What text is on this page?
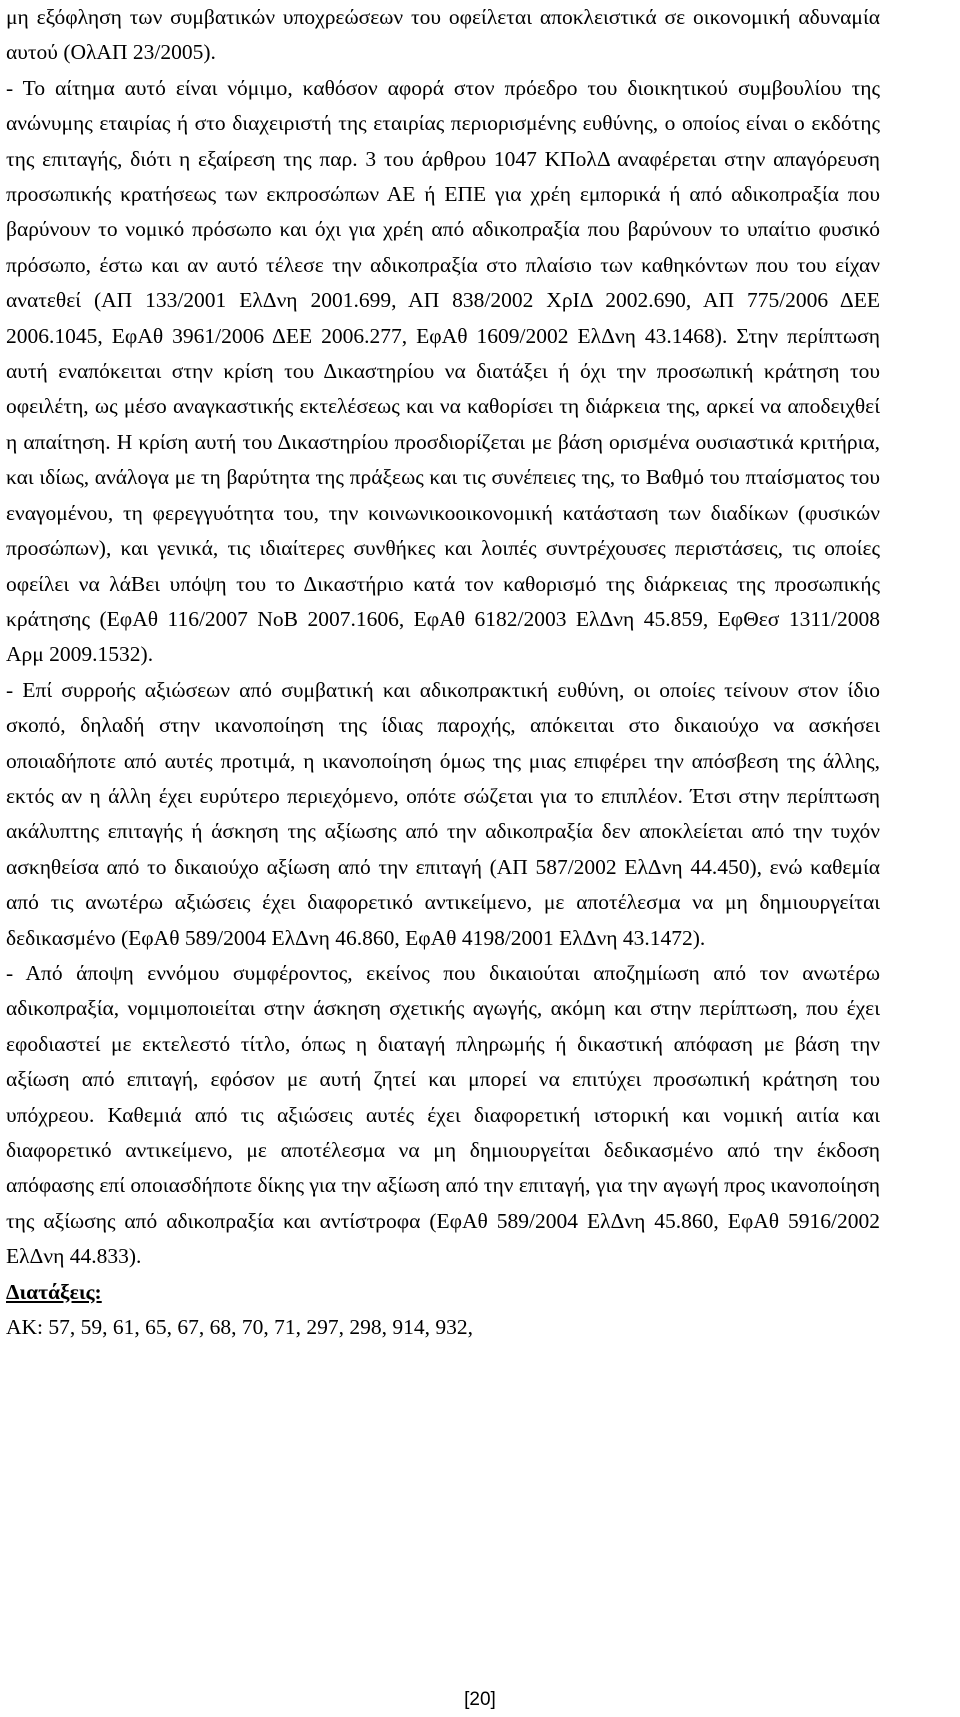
μη εξόφληση των συμβατικών υποχρεώσεων του οφείλεται αποκλειστικά σε οικονομική αδυναμία αυτού (ΟλΑΠ 23/2005).

- Το αίτημα αυτό είναι νόμιμο, καθόσον αφορά στον πρόεδρο του διοικητικού συμβουλίου της ανώνυμης εταιρίας ή στο διαχειριστή της εταιρίας περιορισμένης ευθύνης, ο οποίος είναι ο εκδότης της επιταγής, διότι η εξαίρεση της παρ. 3 του άρθρου 1047 ΚΠολΔ αναφέρεται στην απαγόρευση προσωπικής κρατήσεως των εκπροσώπων ΑΕ ή ΕΠΕ για χρέη εμπορικά ή από αδικοπραξία που βαρύνουν το νομικό πρόσωπο και όχι για χρέη από αδικοπραξία που βαρύνουν το υπαίτιο φυσικό πρόσωπο, έστω και αν αυτό τέλεσε την αδικοπραξία στο πλαίσιο των καθηκόντων που του είχαν ανατεθεί (ΑΠ 133/2001 ΕλΔνη 2001.699, ΑΠ 838/2002 ΧρΙΔ 2002.690, ΑΠ 775/2006 ΔΕΕ 2006.1045, ΕφΑθ 3961/2006 ΔΕΕ 2006.277, ΕφΑθ 1609/2002 ΕλΔνη 43.1468). Στην περίπτωση αυτή εναπόκειται στην κρίση του Δικαστηρίου να διατάξει ή όχι την προσωπική κράτηση του οφειλέτη, ως μέσο αναγκαστικής εκτελέσεως και να καθορίσει τη διάρκεια της, αρκεί να αποδειχθεί η απαίτηση. Η κρίση αυτή του Δικαστηρίου προσδιορίζεται με βάση ορισμένα ουσιαστικά κριτήρια, και ιδίως, ανάλογα με τη βαρύτητα της πράξεως και τις συνέπειες της, το Βαθμό του πταίσματος του εναγομένου, τη φερεγγυότητα του, την κοινωνικοοικονομική κατάσταση των διαδίκων (φυσικών προσώπων), και γενικά, τις ιδιαίτερες συνθήκες και λοιπές συντρέχουσες περιστάσεις, τις οποίες οφείλει να λάΒει υπόψη του το Δικαστήριο κατά τον καθορισμό της διάρκειας της προσωπικής κράτησης (ΕφΑθ 116/2007 ΝοΒ 2007.1606, ΕφΑθ 6182/2003 ΕλΔνη 45.859, ΕφΘεσ 1311/2008 Αρμ 2009.1532).

- Επί συρροής αξιώσεων από συμβατική και αδικοπρακτική ευθύνη, οι οποίες τείνουν στον ίδιο σκοπό, δηλαδή στην ικανοποίηση της ίδιας παροχής, απόκειται στο δικαιούχο να ασκήσει οποιαδήποτε από αυτές προτιμά, η ικανοποίηση όμως της μιας επιφέρει την απόσβεση της άλλης, εκτός αν η άλλη έχει ευρύτερο περιεχόμενο, οπότε σώζεται για το επιπλέον. Έτσι στην περίπτωση ακάλυπτης επιταγής ή άσκηση της αξίωσης από την αδικοπραξία δεν αποκλείεται από την τυχόν ασκηθείσα από το δικαιούχο αξίωση από την επιταγή (ΑΠ 587/2002 ΕλΔνη 44.450), ενώ καθεμία από τις ανωτέρω αξιώσεις έχει διαφορετικό αντικείμενο, με αποτέλεσμα να μη δημιουργείται δεδικασμένο (ΕφΑθ 589/2004 ΕλΔνη 46.860, ΕφΑθ 4198/2001 ΕλΔνη 43.1472).

- Από άποψη εννόμου συμφέροντος, εκείνος που δικαιούται αποζημίωση από τον ανωτέρω αδικοπραξία, νομιμοποιείται στην άσκηση σχετικής αγωγής, ακόμη και στην περίπτωση, που έχει εφοδιαστεί με εκτελεστό τίτλο, όπως η διαταγή πληρωμής ή δικαστική απόφαση με βάση την αξίωση από επιταγή, εφόσον με αυτή ζητεί και μπορεί να επιτύχει προσωπική κράτηση του υπόχρεου. Καθεμιά από τις αξιώσεις αυτές έχει διαφορετική ιστορική και νομική αιτία και διαφορετικό αντικείμενο, με αποτέλεσμα να μη δημιουργείται δεδικασμένο από την έκδοση απόφασης επί οποιασδήποτε δίκης για την αξίωση από την επιταγή, για την αγωγή προς ικανοποίηση της αξίωσης από αδικοπραξία και αντίστροφα (ΕφΑθ 589/2004 ΕλΔνη 45.860, ΕφΑθ 5916/2002 ΕλΔνη 44.833).

Διατάξεις:

ΑΚ: 57, 59, 61, 65, 67, 68, 70, 71, 297, 298, 914, 932,

[20]
